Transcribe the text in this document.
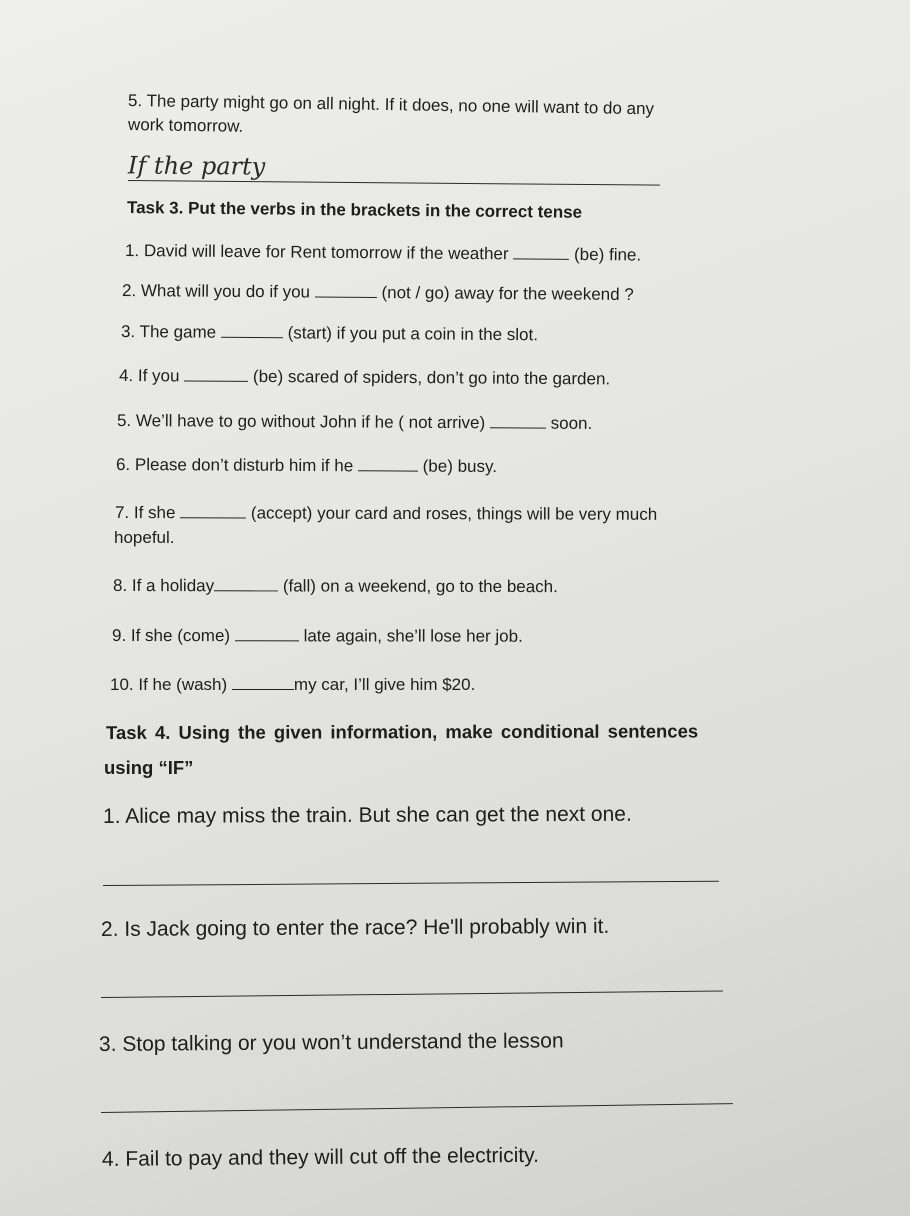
5. The party might go on all night. If it does, no one will want to do any
work tomorrow.
If the party
Task 3. Put the verbs in the brackets in the correct tense
1. David will leave for Rent tomorrow if the weather	(be) fine.
2. What will you do if you	(not / go) away for the weekend ?
3. The game	(start) if you put a coin in the slot.
4. If you	(be) scared of spiders, don’t go into the garden.
5. We’ll have to go without John if he ( not arrive)	soon.
6. Please don’t disturb him if he	(be) busy.
7. If she	(accept) your card and roses, things will be very much
hopeful.
8. If a holiday	(fall) on a weekend, go to the beach.
9. If she (come)	late again, she’ll lose her job.
10. If he (wash)	my car, I’ll give him $20.
Task 4. Using the given information, make conditional sentences
using “IF”
1. Alice may miss the train. But she can get the next one.
2. Is Jack going to enter the race? He'll probably win it.
3. Stop talking or you won’t understand the lesson
4. Fail to pay and they will cut off the electricity.
